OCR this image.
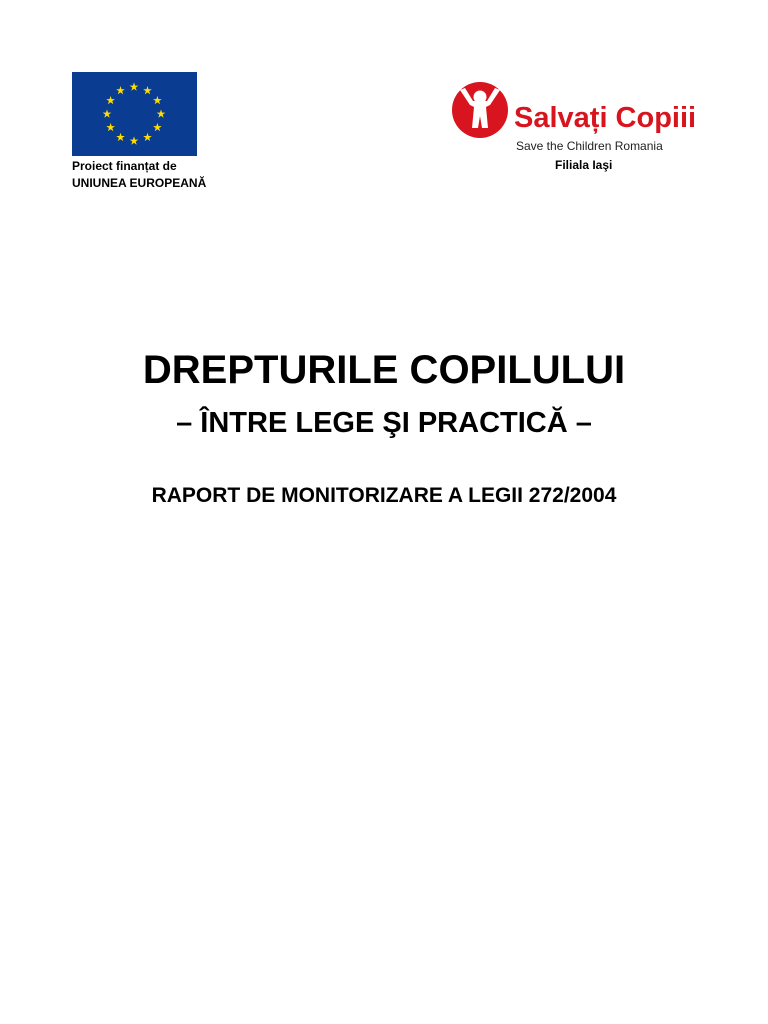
Proiect finanțat de
UNIUNEA EUROPEANĂ
Salvați Copiii
Save the Children Romania
Filiala Iaşi
DREPTURILE COPILULUI
– ÎNTRE LEGE ŞI PRACTICĂ –
RAPORT DE MONITORIZARE A LEGII 272/2004
